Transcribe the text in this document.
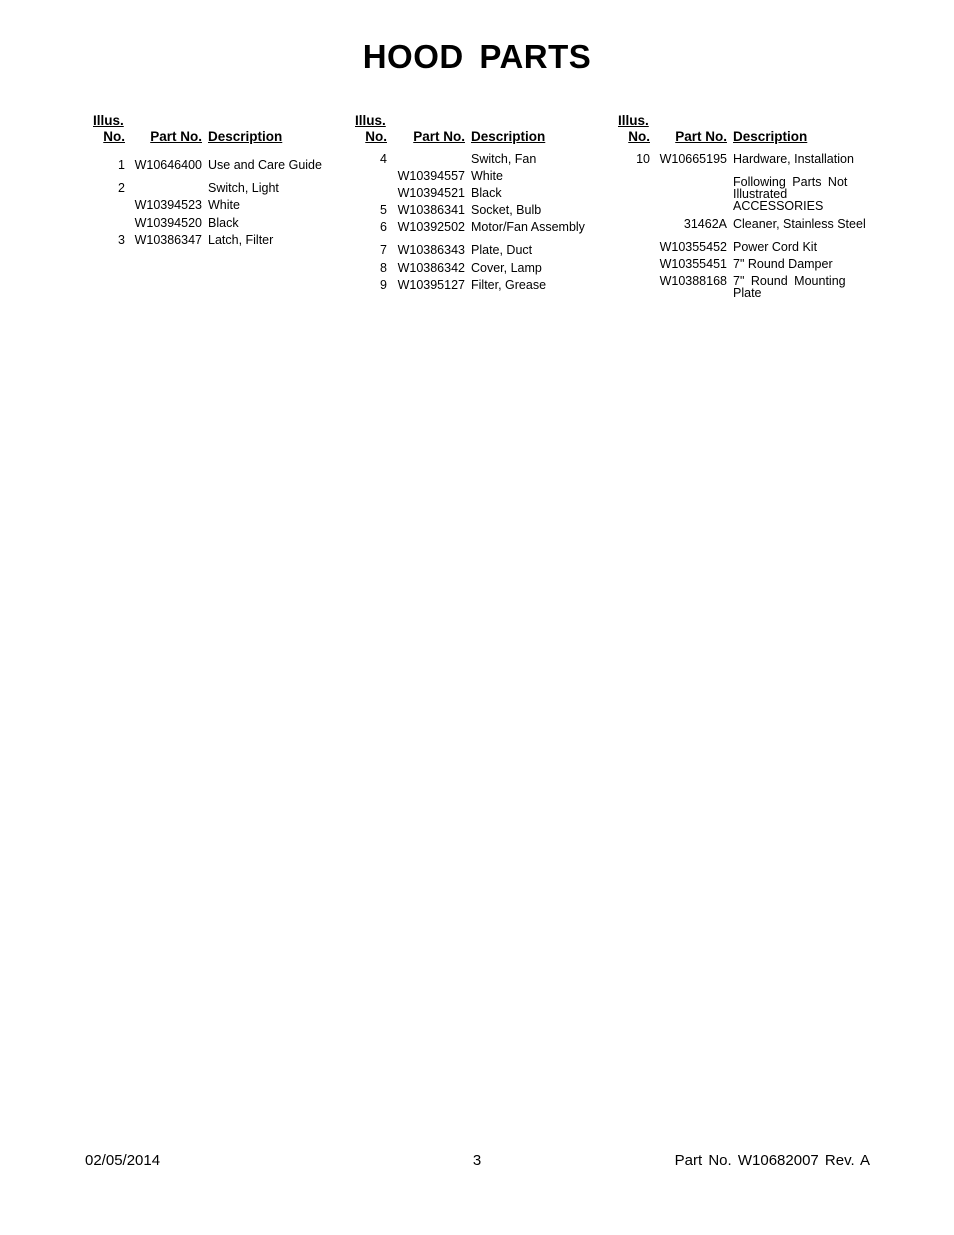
HOOD PARTS
Illus.
No.	Part No. Description
1 W10646400 Use and Care Guide
2	Switch, Light
W10394523 White
W10394520 Black
3 W10386347 Latch, Filter
Illus.
No.	Part No. Description
4	Switch, Fan
W10394557 White
W10394521 Black
5 W10386341 Socket, Bulb
6 W10392502 Motor/Fan Assembly
7 W10386343 Plate, Duct
8 W10386342 Cover, Lamp
9 W10395127 Filter, Grease
Illus.
No.	Part No. Description
10 W10665195 Hardware, Installation
Following Parts Not Illustrated ACCESSORIES
31462A Cleaner, Stainless Steel
W10355452 Power Cord Kit
W10355451 7" Round Damper
W10388168 7" Round Mounting Plate
02/05/2014	3	Part No. W10682007 Rev. A
